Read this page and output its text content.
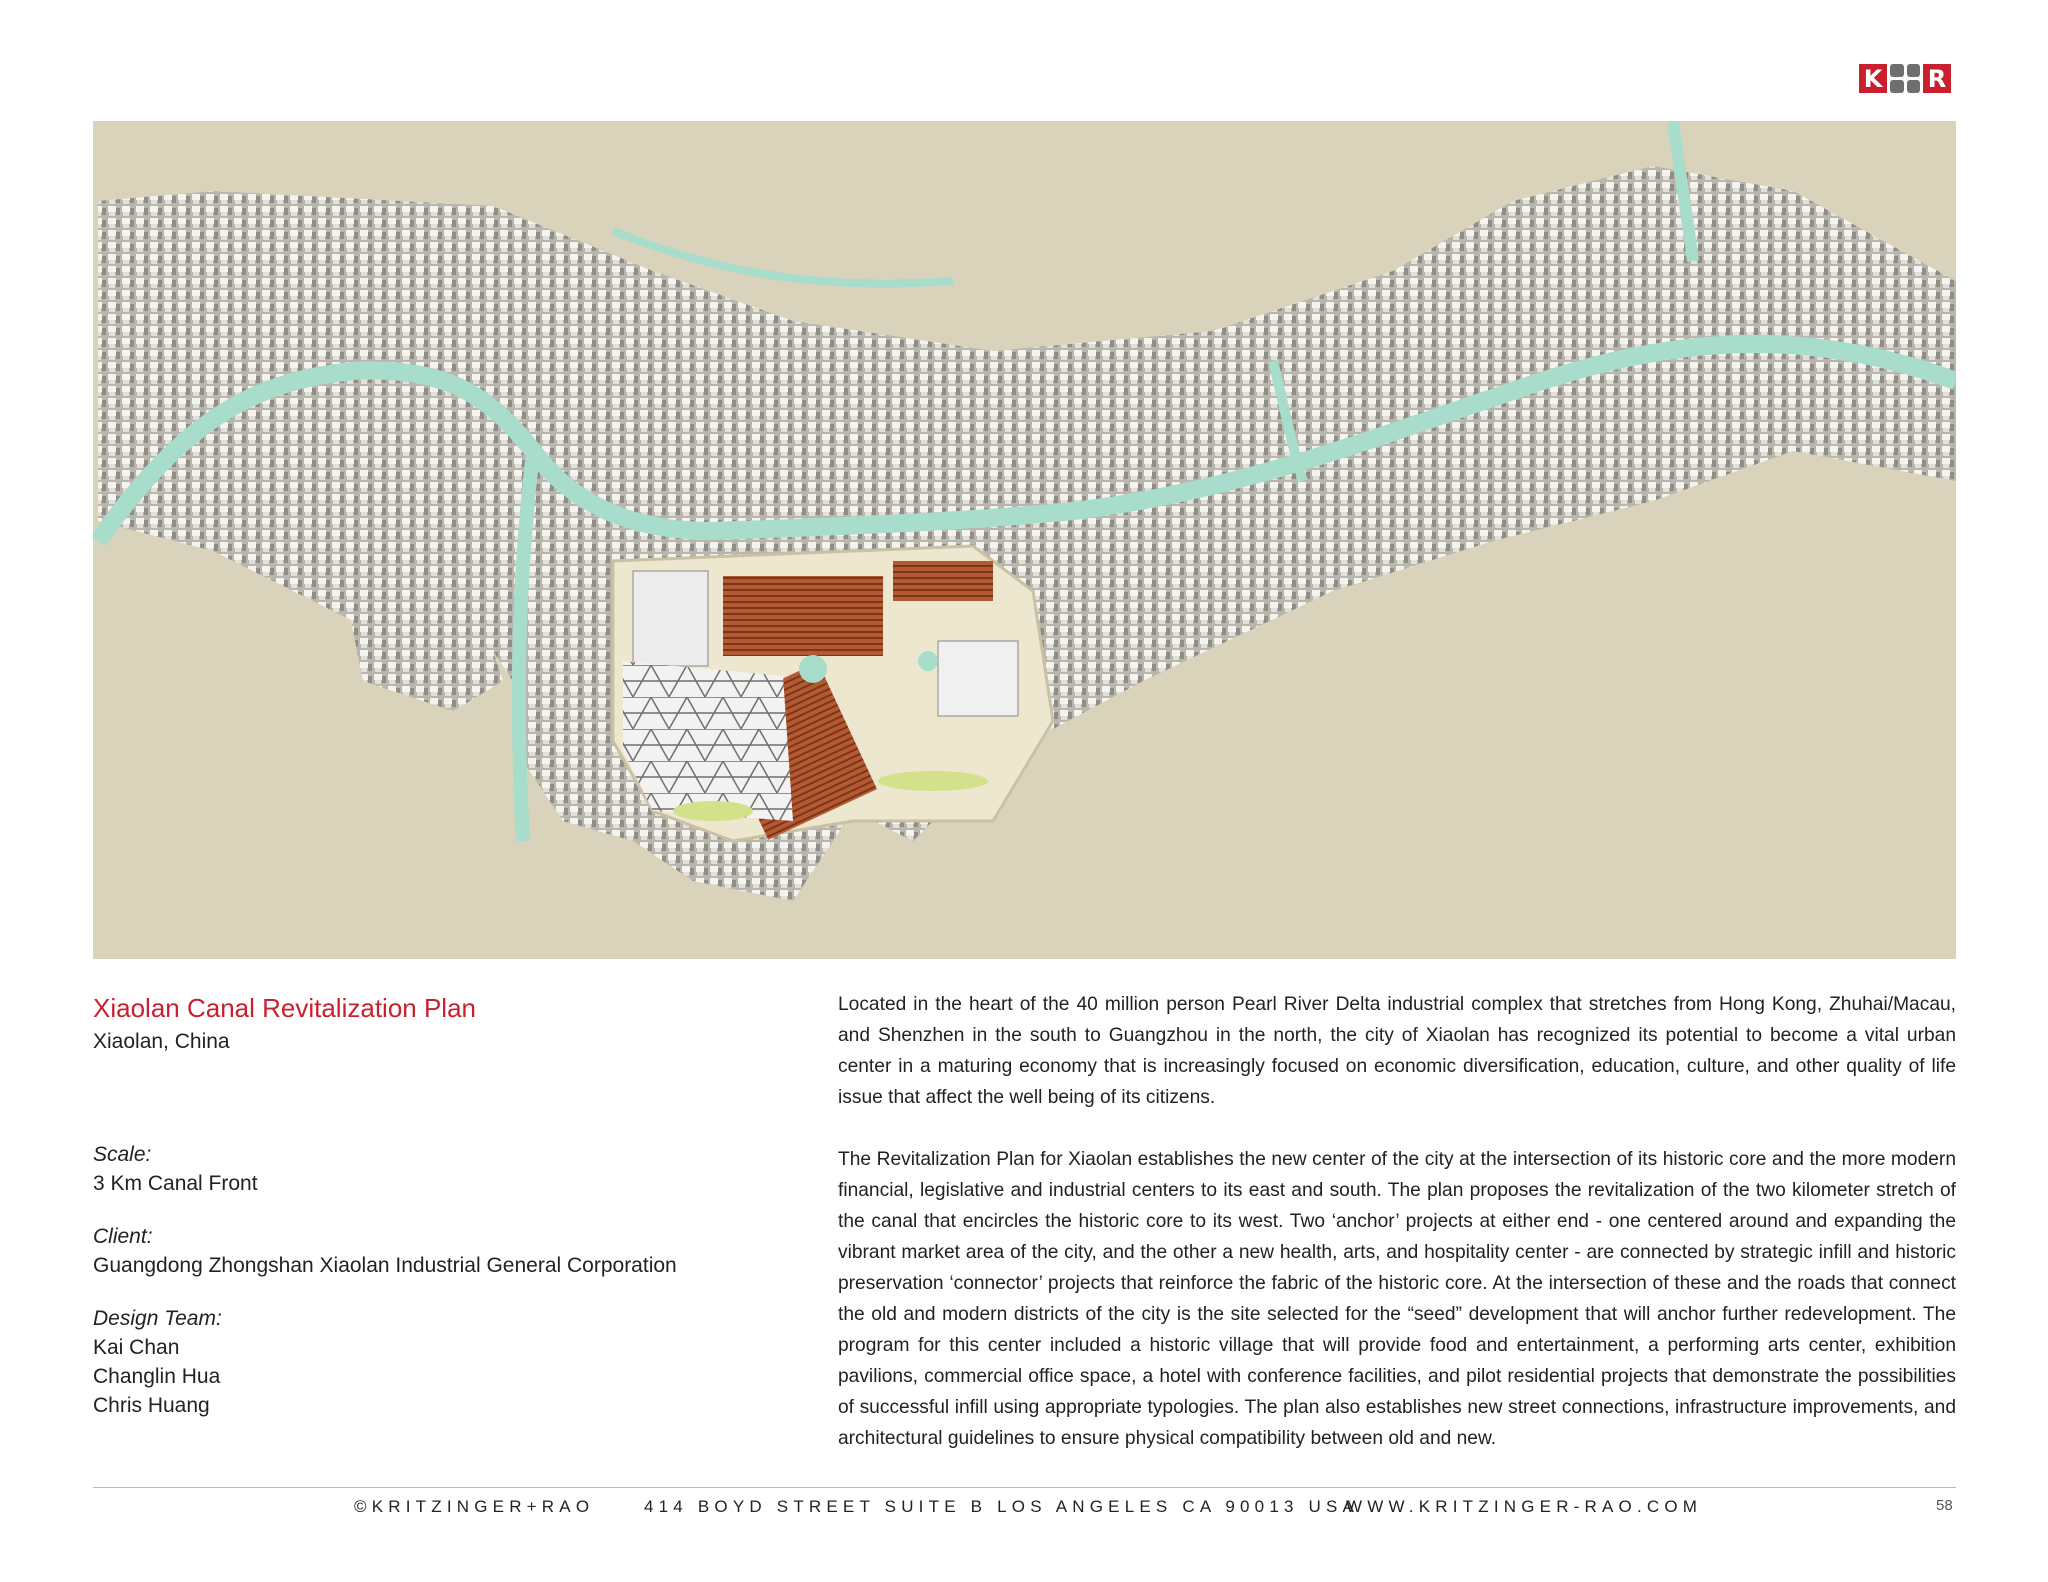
K R
Xiaolan Canal Revitalization Plan
Xiaolan, China

Scale:

3 Km Canal Front

Client:

Guangdong Zhongshan Xiaolan Industrial General Corporation

Design Team:

Kai Chan

Changlin Hua

Chris Huang

Located in the heart of the 40 million person Pearl River Delta industrial complex that stretches from Hong Kong, Zhuhai/Macau, and Shenzhen in the south to Guangzhou in the north, the city of Xiaolan has recognized its potential to become a vital urban center in a maturing economy that is increasingly focused on economic diversification, education, culture, and other quality of life issue that affect the well being of its citizens.

The Revitalization Plan for Xiaolan establishes the new center of the city at the intersection of its historic core and the more modern financial, legislative and industrial centers to its east and south. The plan proposes the revitalization of the two kilometer stretch of the canal that encircles the historic core to its west. Two ‘anchor’ projects at either end - one centered around and expanding the vibrant market area of the city, and the other a new health, arts, and hospitality center - are connected by strategic infill and historic preservation ‘connector’ projects that reinforce the fabric of the historic core. At the intersection of these and the roads that connect the old and modern districts of the city is the site selected for the “seed” development that will anchor further redevelopment. The program for this center included a historic village that will provide food and entertainment, a performing arts center, exhibition pavilions, commercial office space, a hotel with conference facilities, and pilot residential projects that demonstrate the possibilities of successful infill using appropriate typologies. The plan also establishes new street connections, infrastructure improvements, and architectural guidelines to ensure physical compatibility between old and new.

©KRITZINGER+RAO	414 BOYD STREET SUITE B LOS ANGELES CA 90013 USA
WWW.KRITZINGER-RAO.COM	58
